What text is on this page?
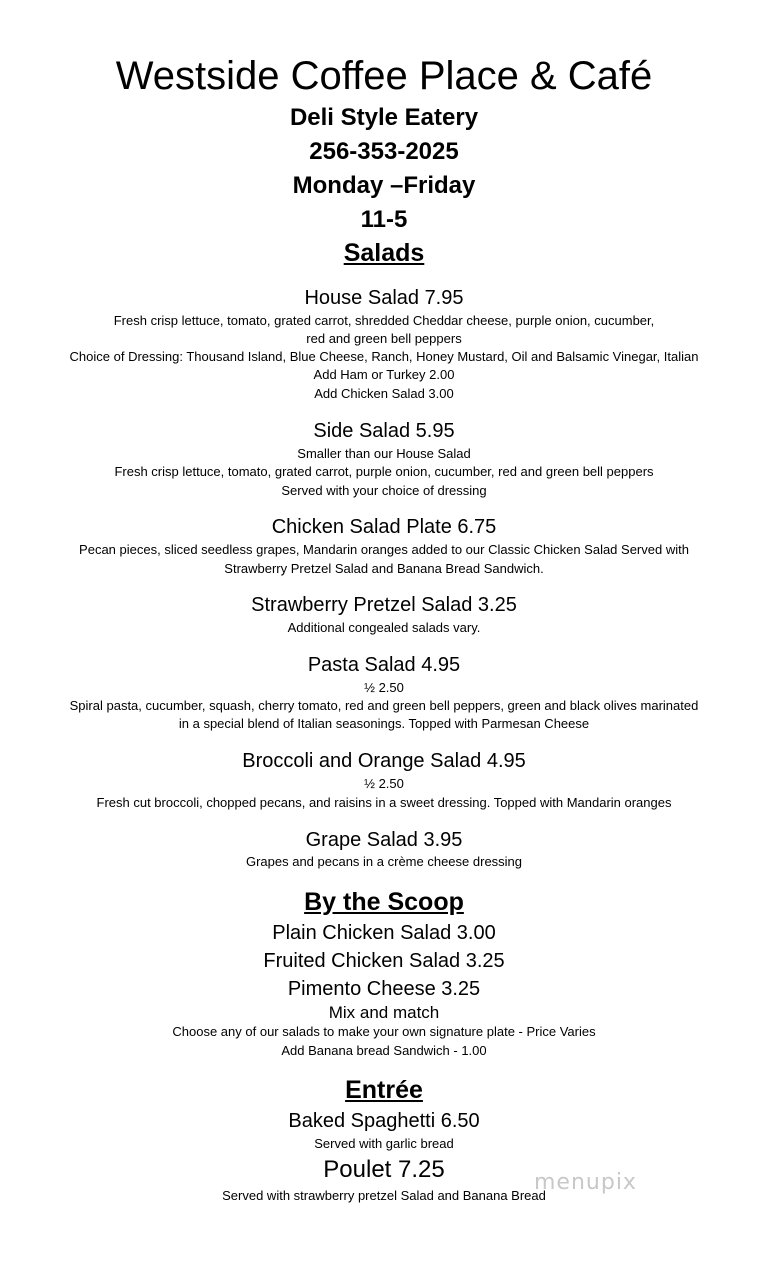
Westside Coffee Place & Café
Deli Style Eatery
256-353-2025
Monday –Friday
11-5
Salads
House Salad 7.95
Fresh crisp lettuce, tomato, grated carrot, shredded Cheddar cheese, purple onion, cucumber,
red and green bell peppers
Choice of Dressing: Thousand Island, Blue Cheese, Ranch, Honey Mustard, Oil and Balsamic Vinegar, Italian
Add Ham or Turkey 2.00
Add Chicken Salad 3.00
Side Salad 5.95
Smaller than our House Salad
Fresh crisp lettuce, tomato, grated carrot, purple onion, cucumber, red and green bell peppers
Served with your choice of dressing
Chicken Salad Plate 6.75
Pecan pieces, sliced seedless grapes, Mandarin oranges added to our Classic Chicken Salad Served with
Strawberry Pretzel Salad and Banana Bread Sandwich.
Strawberry Pretzel Salad 3.25
Additional congealed salads vary.
Pasta Salad 4.95
½ 2.50
Spiral pasta, cucumber, squash, cherry tomato, red and green bell peppers, green and black olives marinated
in a special blend of Italian seasonings. Topped with Parmesan Cheese
Broccoli and Orange Salad 4.95
½ 2.50
Fresh cut broccoli, chopped pecans, and raisins in a sweet dressing. Topped with Mandarin oranges
Grape Salad 3.95
Grapes and pecans in a crème cheese dressing
By the Scoop
Plain Chicken Salad 3.00
Fruited Chicken Salad 3.25
Pimento Cheese 3.25
Mix and match
Choose any of our salads to make your own signature plate - Price Varies
Add Banana bread Sandwich - 1.00
Entrée
Baked Spaghetti 6.50
Served with garlic bread
Poulet 7.25
Served with strawberry pretzel Salad and Banana Bread
menupix
